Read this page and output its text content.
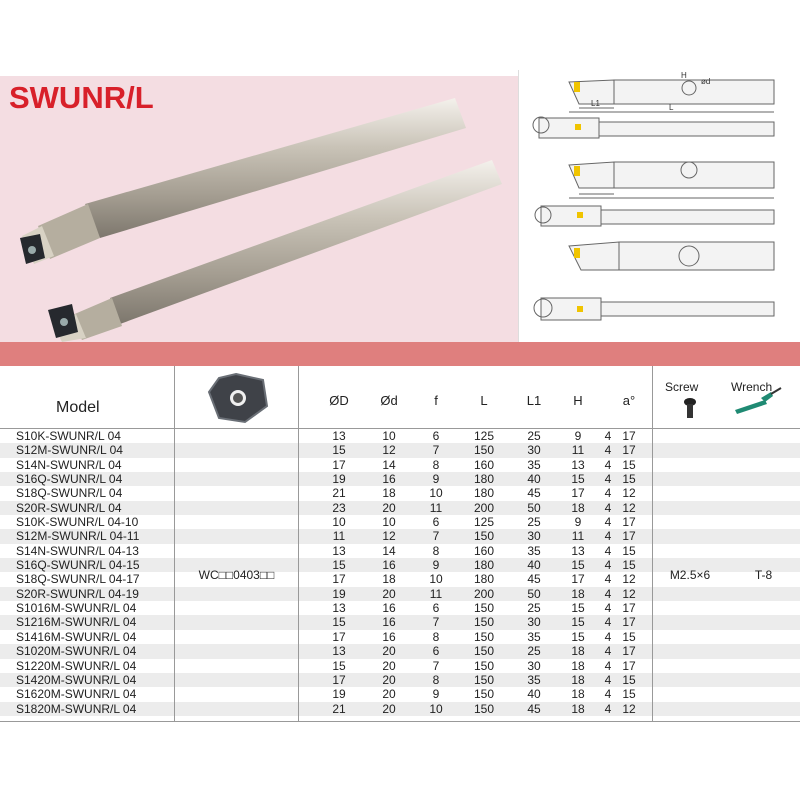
SWUNR/L
H
ød
L1	L
Model	ØD	Ød	f	L	L1	H	a°
Screw	Wrench
S10K-SWUNR/L 04	13	10	6	125	25	9	4 17
S12M-SWUNR/L 04	15	12	7	150	30	11	4 17
S14N-SWUNR/L 04	17	14	8	160	35	13	4 15
S16Q-SWUNR/L 04	19	16	9	180	40	15	4 15
S18Q-SWUNR/L 04	21	18	10	180	45	17	4 12
S20R-SWUNR/L 04	23	20	11	200	50	18	4 12
S10K-SWUNR/L 04-10	10	10	6	125	25	9	4 17
S12M-SWUNR/L 04-11	11	12	7	150	30	11	4 17
S14N-SWUNR/L 04-13	13	14	8	160	35	13	4 15
S16Q-SWUNR/L 04-15	15	16	9	180	40	15	4 15
S18Q-SWUNR/L 04-17	17	18	10	180	45	17	4 12
S20R-SWUNR/L 04-19	19	20	11	200	50	18	4 12
S1016M-SWUNR/L 04	13	16	6	150	25	15	4 17
S1216M-SWUNR/L 04	15	16	7	150	30	15	4 17
S1416M-SWUNR/L 04	17	16	8	150	35	15	4 15
S1020M-SWUNR/L 04	13	20	6	150	25	18	4 17
S1220M-SWUNR/L 04	15	20	7	150	30	18	4 17
S1420M-SWUNR/L 04	17	20	8	150	35	18	4 15
S1620M-SWUNR/L 04	19	20	9	150	40	18	4 15
S1820M-SWUNR/L 04	21	20	10	150	45	18	4 12
WC□□0403□□	M2.5×6	T-8
